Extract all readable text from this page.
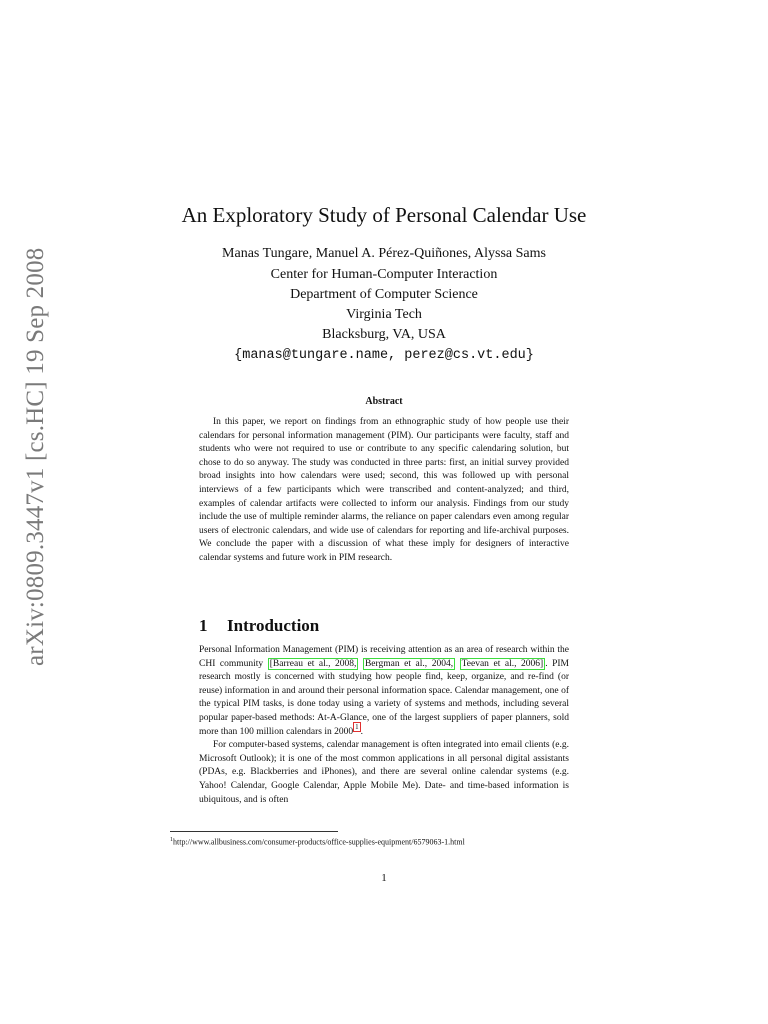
arXiv:0809.3447v1 [cs.HC] 19 Sep 2008
An Exploratory Study of Personal Calendar Use
Manas Tungare, Manuel A. Pérez-Quiñones, Alyssa Sams
Center for Human-Computer Interaction
Department of Computer Science
Virginia Tech
Blacksburg, VA, USA
{manas@tungare.name, perez@cs.vt.edu}
Abstract
In this paper, we report on findings from an ethnographic study of how people use their calendars for personal information management (PIM). Our participants were faculty, staff and students who were not required to use or contribute to any specific calendaring solution, but chose to do so anyway. The study was conducted in three parts: first, an initial survey provided broad insights into how calendars were used; second, this was followed up with personal interviews of a few participants which were transcribed and content-analyzed; and third, examples of calendar artifacts were collected to inform our analysis. Findings from our study include the use of multiple reminder alarms, the reliance on paper calendars even among regular users of electronic calendars, and wide use of calendars for reporting and life-archival purposes. We conclude the paper with a discussion of what these imply for designers of interactive calendar systems and future work in PIM research.
1 Introduction

Personal Information Management (PIM) is receiving attention as an area of research within the CHI community [Barreau et al., 2008, Bergman et al., 2004, Teevan et al., 2006] . PIM research mostly is concerned with studying how people find, keep, organize, and re-find (or reuse) information in and around their personal information space. Calendar management, one of the typical PIM tasks, is done today using a variety of systems and methods, including several popular paper-based methods: At-A-Glance, one of the largest suppliers of paper planners, sold more than 100 million calendars in 2000 $^1$ .

For computer-based systems, calendar management is often integrated into email clients (e.g. Microsoft Outlook); it is one of the most common applications in all personal digital assistants (PDAs, e.g. Blackberries and iPhones), and there are several online calendar systems (e.g. Yahoo! Calendar, Google Calendar, Apple Mobile Me). Date- and time-based information is ubiquitous, and is often

$^1$http://www.allbusiness.com/consumer-products/office-supplies-equipment/6579063-1.html
1
